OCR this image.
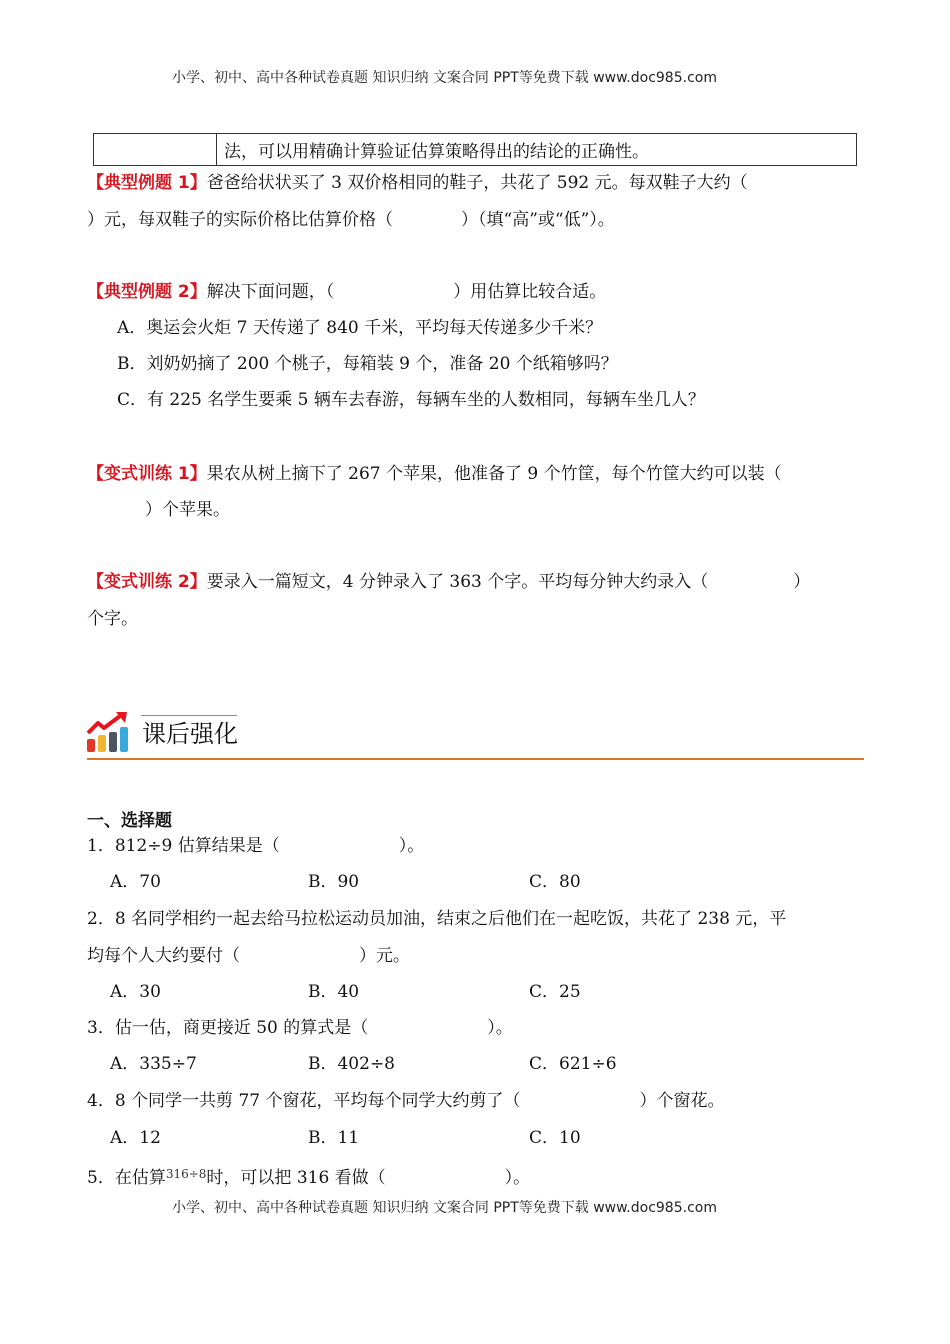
小学、初中、高中各种试卷真题 知识归纳 文案合同 PPT等免费下载 www.doc985.com
	法，可以用精确计算验证估算策略得出的结论的正确性。
【典型例题 1】爸爸给状状买了 3 双价格相同的鞋子，共花了 592 元。每双鞋子大约（
）元，每双鞋子的实际价格比估算价格（　　　　）（填“高”或“低”）。
【典型例题 2】解决下面问题，（　　　　　　　）用估算比较合适。
A．奥运会火炬 7 天传递了 840 千米，平均每天传递多少千米？
B．刘奶奶摘了 200 个桃子，每箱装 9 个，准备 20 个纸箱够吗？
C．有 225 名学生要乘 5 辆车去春游，每辆车坐的人数相同，每辆车坐几人？
【变式训练 1】果农从树上摘下了 267 个苹果，他准备了 9 个竹筐，每个竹筐大约可以装（
）个苹果。
【变式训练 2】要录入一篇短文，4 分钟录入了 363 个字。平均每分钟大约录入（　　　　　）
个字。
课后强化
一、选择题
1．812÷9 估算结果是（　　　　　　　）。
A．70	B．90	C．80
2．8 名同学相约一起去给马拉松运动员加油，结束之后他们在一起吃饭，共花了 238 元，平
均每个人大约要付（　　　　　　　）元。
A．30	B．40	C．25
3．估一估，商更接近 50 的算式是（　　　　　　　）。
A．335÷7	B．402÷8	C．621÷6
4．8 个同学一共剪 77 个窗花，平均每个同学大约剪了（　　　　　　　）个窗花。
A．12	B．11	C．10
5．在估算$^{316\div 8}$时，可以把 316 看做（　　　　　　　）。
小学、初中、高中各种试卷真题 知识归纳 文案合同 PPT等免费下载 www.doc985.com
